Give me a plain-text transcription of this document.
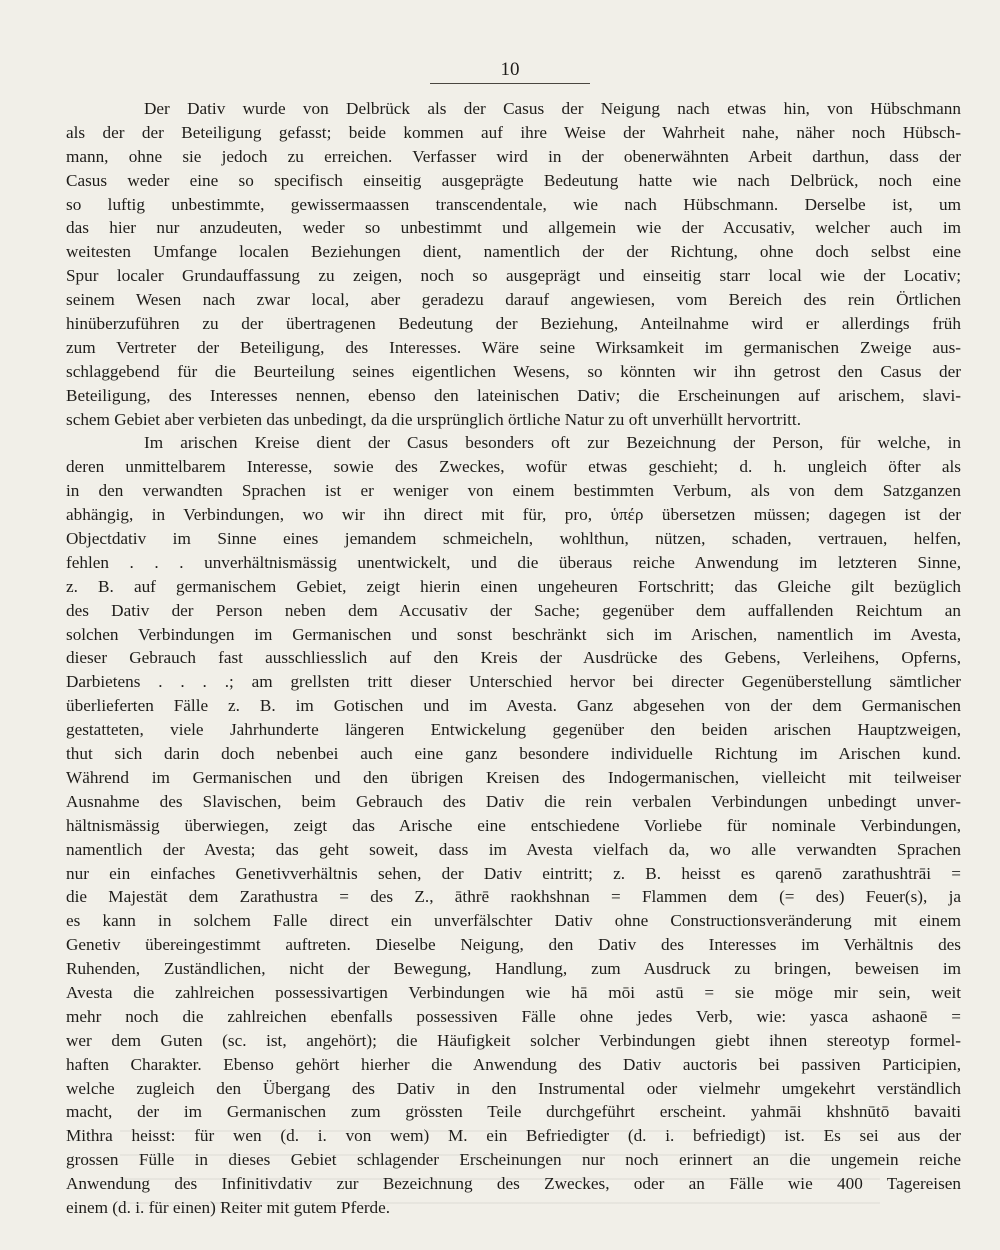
10
Der Dativ wurde von Delbrück als der Casus der Neigung nach etwas hin, von Hübschmann
als der der Beteiligung gefasst; beide kommen auf ihre Weise der Wahrheit nahe, näher noch Hübsch-
mann, ohne sie jedoch zu erreichen. Verfasser wird in der obenerwähnten Arbeit darthun, dass der
Casus weder eine so specifisch einseitig ausgeprägte Bedeutung hatte wie nach Delbrück, noch eine
so luftig unbestimmte, gewissermaassen transcendentale, wie nach Hübschmann. Derselbe ist, um
das hier nur anzudeuten, weder so unbestimmt und allgemein wie der Accusativ, welcher auch im
weitesten Umfange localen Beziehungen dient, namentlich der der Richtung, ohne doch selbst eine
Spur localer Grundauffassung zu zeigen, noch so ausgeprägt und einseitig starr local wie der Locativ;
seinem Wesen nach zwar local, aber geradezu darauf angewiesen, vom Bereich des rein Örtlichen
hinüberzuführen zu der übertragenen Bedeutung der Beziehung, Anteilnahme wird er allerdings früh
zum Vertreter der Beteiligung, des Interesses. Wäre seine Wirksamkeit im germanischen Zweige aus-
schlaggebend für die Beurteilung seines eigentlichen Wesens, so könnten wir ihn getrost den Casus der
Beteiligung, des Interesses nennen, ebenso den lateinischen Dativ; die Erscheinungen auf arischem, slavi-
schem Gebiet aber verbieten das unbedingt, da die ursprünglich örtliche Natur zu oft unverhüllt hervortritt.
Im arischen Kreise dient der Casus besonders oft zur Bezeichnung der Person, für welche, in
deren unmittelbarem Interesse, sowie des Zweckes, wofür etwas geschieht; d. h. ungleich öfter als
in den verwandten Sprachen ist er weniger von einem bestimmten Verbum, als von dem Satzganzen
abhängig, in Verbindungen, wo wir ihn direct mit für, pro, ὑπέρ übersetzen müssen; dagegen ist der
Objectdativ im Sinne eines jemandem schmeicheln, wohlthun, nützen, schaden, vertrauen, helfen,
fehlen . . . unverhältnismässig unentwickelt, und die überaus reiche Anwendung im letzteren Sinne,
z. B. auf germanischem Gebiet, zeigt hierin einen ungeheuren Fortschritt; das Gleiche gilt bezüglich
des Dativ der Person neben dem Accusativ der Sache; gegenüber dem auffallenden Reichtum an
solchen Verbindungen im Germanischen und sonst beschränkt sich im Arischen, namentlich im Avesta,
dieser Gebrauch fast ausschliesslich auf den Kreis der Ausdrücke des Gebens, Verleihens, Opferns,
Darbietens . . . .; am grellsten tritt dieser Unterschied hervor bei directer Gegenüberstellung sämtlicher
überlieferten Fälle z. B. im Gotischen und im Avesta. Ganz abgesehen von der dem Germanischen
gestatteten, viele Jahrhunderte längeren Entwickelung gegenüber den beiden arischen Hauptzweigen,
thut sich darin doch nebenbei auch eine ganz besondere individuelle Richtung im Arischen kund.
Während im Germanischen und den übrigen Kreisen des Indogermanischen, vielleicht mit teilweiser
Ausnahme des Slavischen, beim Gebrauch des Dativ die rein verbalen Verbindungen unbedingt unver-
hältnismässig überwiegen, zeigt das Arische eine entschiedene Vorliebe für nominale Verbindungen,
namentlich der Avesta; das geht soweit, dass im Avesta vielfach da, wo alle verwandten Sprachen
nur ein einfaches Genetivverhältnis sehen, der Dativ eintritt; z. B. heisst es qarenō zarathushtrāi =
die Majestät dem Zarathustra = des Z., āthrē raokhshnan = Flammen dem (= des) Feuer(s), ja
es kann in solchem Falle direct ein unverfälschter Dativ ohne Constructionsveränderung mit einem
Genetiv übereingestimmt auftreten. Dieselbe Neigung, den Dativ des Interesses im Verhältnis des
Ruhenden, Zuständlichen, nicht der Bewegung, Handlung, zum Ausdruck zu bringen, beweisen im
Avesta die zahlreichen possessivartigen Verbindungen wie hā mōi astū = sie möge mir sein, weit
mehr noch die zahlreichen ebenfalls possessiven Fälle ohne jedes Verb, wie: yasca ashaonē =
wer dem Guten (sc. ist, angehört); die Häufigkeit solcher Verbindungen giebt ihnen stereotyp formel-
haften Charakter. Ebenso gehört hierher die Anwendung des Dativ auctoris bei passiven Participien,
welche zugleich den Übergang des Dativ in den Instrumental oder vielmehr umgekehrt verständlich
macht, der im Germanischen zum grössten Teile durchgeführt erscheint. yahmāi khshnūtō bavaiti
Mithra heisst: für wen (d. i. von wem) M. ein Befriedigter (d. i. befriedigt) ist. Es sei aus der
grossen Fülle in dieses Gebiet schlagender Erscheinungen nur noch erinnert an die ungemein reiche
Anwendung des Infinitivdativ zur Bezeichnung des Zweckes, oder an Fälle wie 400 Tagereisen
einem (d. i. für einen) Reiter mit gutem Pferde.
